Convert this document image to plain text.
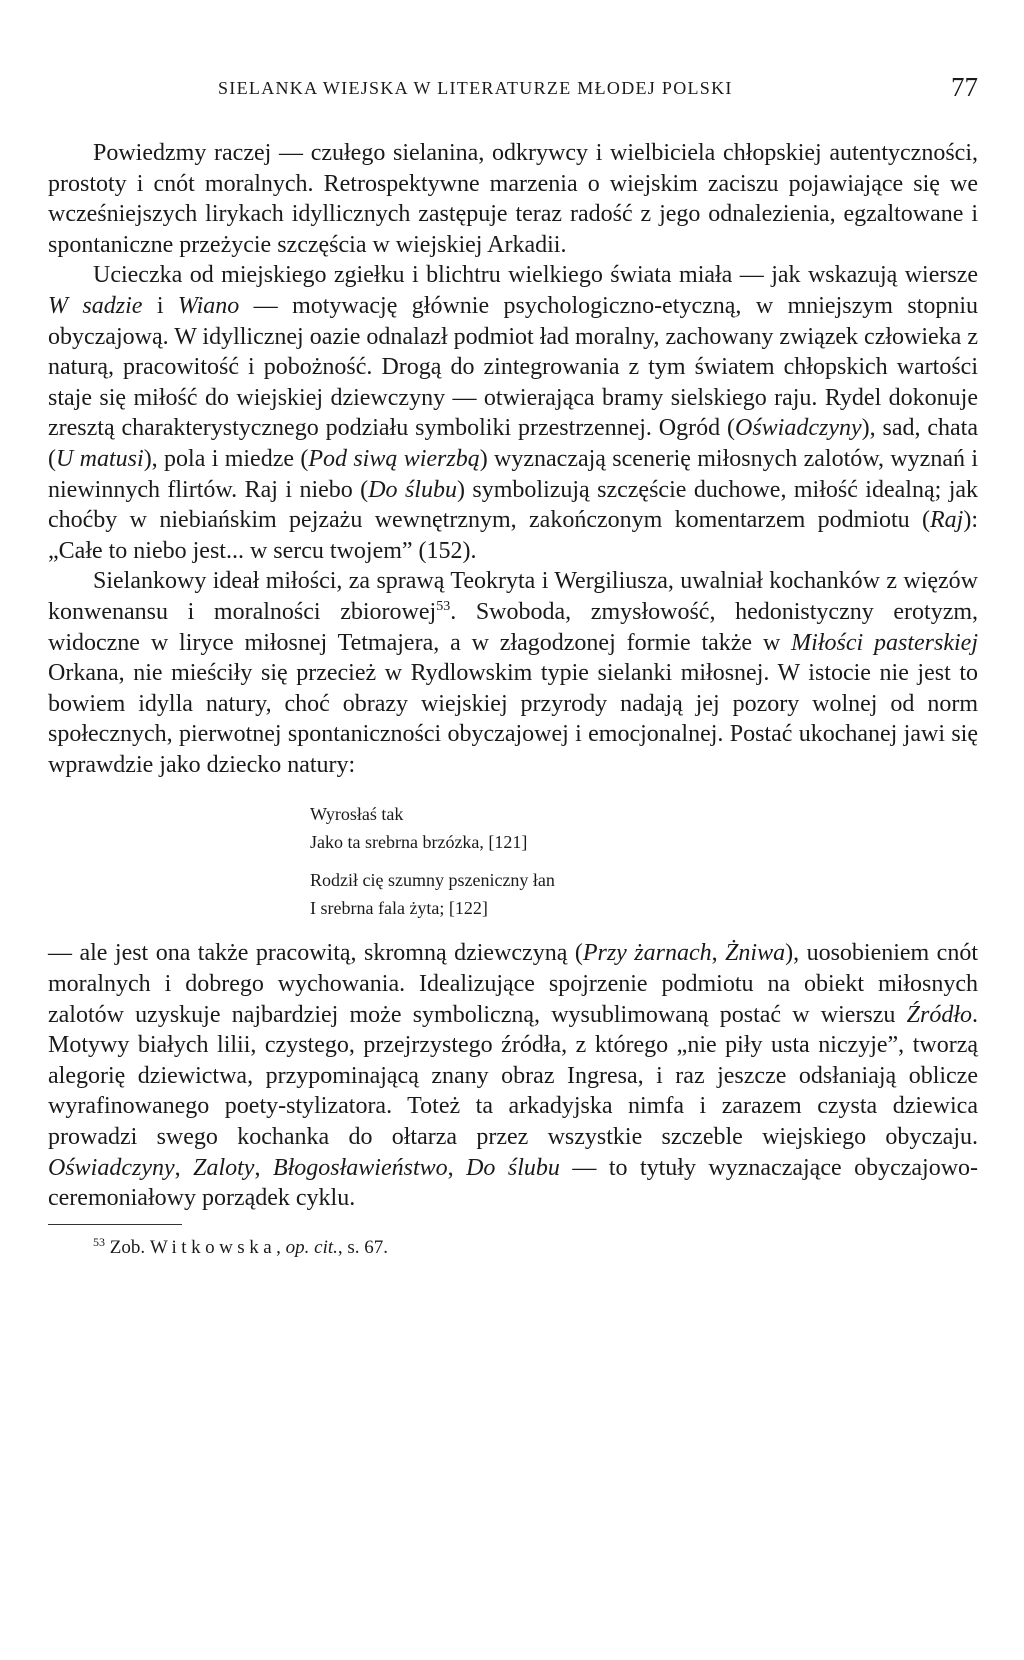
SIELANKA WIEJSKA W LITERATURZE MŁODEJ POLSKI	77

Powiedzmy raczej — czułego sielanina, odkrywcy i wielbiciela chłopskiej autentyczności, prostoty i cnót moralnych. Retrospektywne marzenia o wiejskim zaciszu pojawiające się we wcześniejszych lirykach idyllicznych zastępuje teraz radość z jego odnalezienia, egzaltowane i spontaniczne przeżycie szczęścia w wiejskiej Arkadii.

Ucieczka od miejskiego zgiełku i blichtru wielkiego świata miała — jak wskazują wiersze W sadzie i Wiano — motywację głównie psychologiczno-etyczną, w mniejszym stopniu obyczajową. W idyllicznej oazie odnalazł podmiot ład moralny, zachowany związek człowieka z naturą, pracowitość i pobożność. Drogą do zintegrowania z tym światem chłopskich wartości staje się miłość do wiejskiej dziewczyny — otwierająca bramy sielskiego raju. Rydel dokonuje zresztą charakterystycznego podziału symboliki przestrzennej. Ogród (Oświadczyny), sad, chata (U matusi), pola i miedze (Pod siwą wierzbą) wyznaczają scenerię miłosnych zalotów, wyznań i niewinnych flirtów. Raj i niebo (Do ślubu) symbolizują szczęście duchowe, miłość idealną; jak choćby w niebiańskim pejzażu wewnętrznym, zakończonym komentarzem podmiotu (Raj): „Całe to niebo jest... w sercu twojem” (152).

Sielankowy ideał miłości, za sprawą Teokryta i Wergiliusza, uwalniał kochanków z więzów konwenansu i moralności zbiorowej$^{53}$. Swoboda, zmysłowość, hedonistyczny erotyzm, widoczne w liryce miłosnej Tetmajera, a w złagodzonej formie także w Miłości pasterskiej Orkana, nie mieściły się przecież w Rydlowskim typie sielanki miłosnej. W istocie nie jest to bowiem idylla natury, choć obrazy wiejskiej przyrody nadają jej pozory wolnej od norm społecznych, pierwotnej spontaniczności obyczajowej i emocjonalnej. Postać ukochanej jawi się wprawdzie jako dziecko natury:

Wyrosłaś tak
Jako ta srebrna brzózka, [121]
Rodził cię szumny pszeniczny łan
I srebrna fala żyta; [122]

— ale jest ona także pracowitą, skromną dziewczyną (Przy żarnach, Żniwa), uosobieniem cnót moralnych i dobrego wychowania. Idealizujące spojrzenie podmiotu na obiekt miłosnych zalotów uzyskuje najbardziej może symboliczną, wysublimowaną postać w wierszu Źródło. Motywy białych lilii, czystego, przejrzystego źródła, z którego „nie piły usta niczyje”, tworzą alegorię dziewictwa, przypominającą znany obraz Ingresa, i raz jeszcze odsłaniają oblicze wyrafinowanego poety-stylizatora. Toteż ta arkadyjska nimfa i zarazem czysta dziewica prowadzi swego kochanka do ołtarza przez wszystkie szczeble wiejskiego obyczaju. Oświadczyny, Zaloty, Błogosławieństwo, Do ślubu — to tytuły wyznaczające obyczajowo-ceremoniałowy porządek cyklu.

$^{53}$ Zob. Witkowska, op. cit., s. 67.
